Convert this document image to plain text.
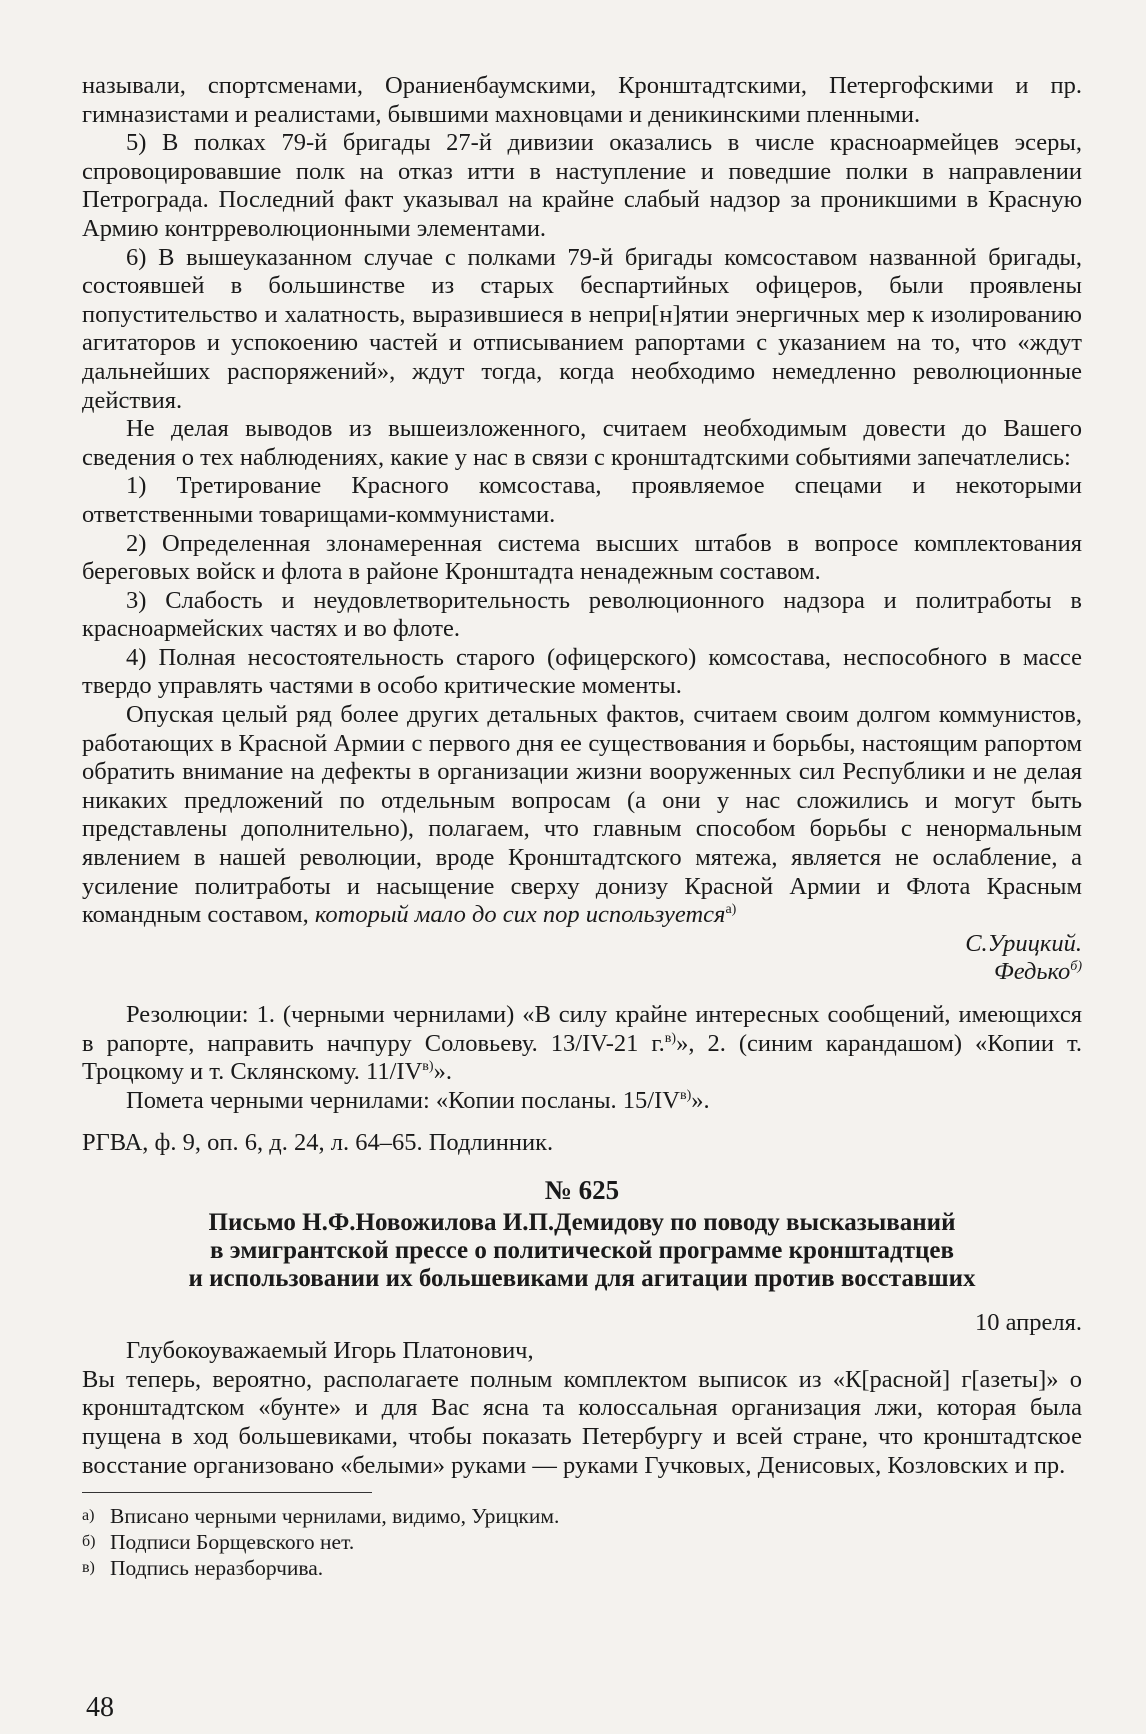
называли, спортсменами, Ораниенбаумскими, Кронштадтскими, Петергофскими и пр. гимназистами и реалистами, бывшими махновцами и деникинскими пленными.

5) В полках 79-й бригады 27-й дивизии оказались в числе красноармейцев эсеры, спровоцировавшие полк на отказ итти в наступление и поведшие полки в направлении Петрограда. Последний факт указывал на крайне слабый надзор за проникшими в Красную Армию контрреволюционными элементами.

6) В вышеуказанном случае с полками 79-й бригады комсоставом названной бригады, состоявшей в большинстве из старых беспартийных офицеров, были проявлены попустительство и халатность, выразившиеся в непри[н]ятии энергичных мер к изолированию агитаторов и успокоению частей и отписыванием рапортами с указанием на то, что «ждут дальнейших распоряжений», ждут тогда, когда необходимо немедленно революционные действия.

Не делая выводов из вышеизложенного, считаем необходимым довести до Вашего сведения о тех наблюдениях, какие у нас в связи с кронштадтскими событиями запечатлелись:

1) Третирование Красного комсостава, проявляемое спецами и некоторыми ответственными товарищами-коммунистами.

2) Определенная злонамеренная система высших штабов в вопросе комплектования береговых войск и флота в районе Кронштадта ненадежным составом.

3) Слабость и неудовлетворительность революционного надзора и политработы в красноармейских частях и во флоте.

4) Полная несостоятельность старого (офицерского) комсостава, неспособного в массе твердо управлять частями в особо критические моменты.

Опуская целый ряд более других детальных фактов, считаем своим долгом коммунистов, работающих в Красной Армии с первого дня ее существования и борьбы, настоящим рапортом обратить внимание на дефекты в организации жизни вооруженных сил Республики и не делая никаких предложений по отдельным вопросам (а они у нас сложились и могут быть представлены дополнительно), полагаем, что главным способом борьбы с ненормальным явлением в нашей революции, вроде Кронштадтского мятежа, является не ослабление, а усиление политработы и насыщение сверху донизу Красной Армии и Флота Красным командным составом, который мало до сих пор используется$^{а)}$

С.Урицкий.

Федько$^{б)}$

Резолюции: 1. (черными чернилами) «В силу крайне интересных сообщений, имеющихся в рапорте, направить начпуру Соловьеву. 13/IV-21 г.$^{в)}$», 2. (синим карандашом) «Копии т. Троцкому и т. Склянскому. $11/IV^{в)}$».

Помета черными чернилами: «Копии посланы. $15/IV^{в)}$».

РГВА, ф. 9, оп. 6, д. 24, л. 64–65. Подлинник.

№ 625
Письмо Н.Ф.Новожилова И.П.Демидову по поводу высказываний
в эмигрантской прессе о политической программе кронштадтцев
и использовании их большевиками для агитации против восставших

10 апреля.

Глубокоуважаемый Игорь Платонович,

Вы теперь, вероятно, располагаете полным комплектом выписок из «К[расной] г[азеты]» о кронштадтском «бунте» и для Вас ясна та колоссальная организация лжи, которая была пущена в ход большевиками, чтобы показать Петербургу и всей стране, что кронштадтское восстание организовано «белыми» руками — руками Гучковых, Денисовых, Козловских и пр.

а) Вписано черными чернилами, видимо, Урицким.
б) Подписи Борщевского нет.
в) Подпись неразборчива.
48
